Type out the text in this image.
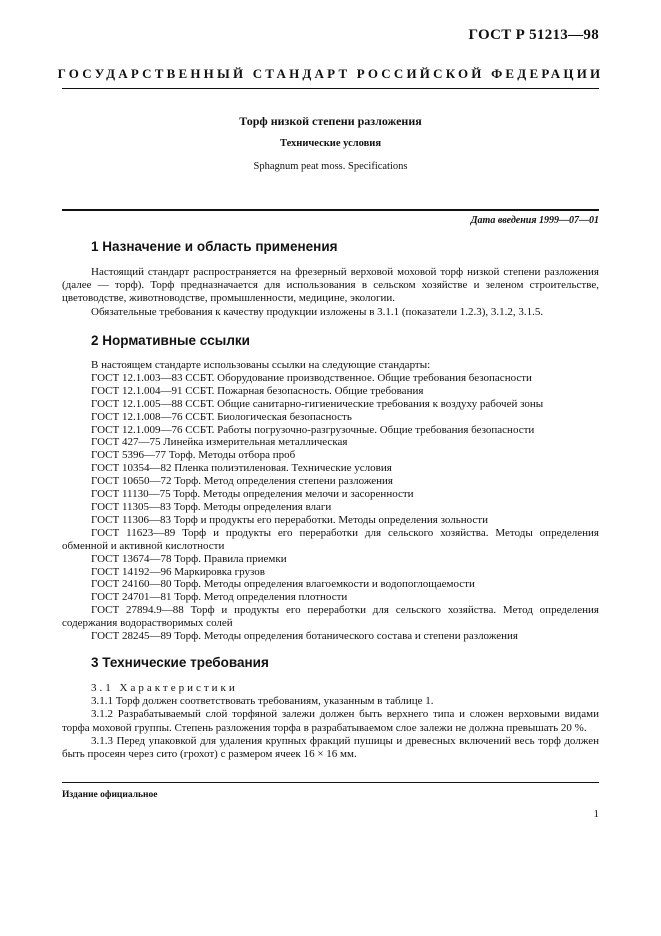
ГОСТ Р 51213—98
ГОСУДАРСТВЕННЫЙ СТАНДАРТ РОССИЙСКОЙ ФЕДЕРАЦИИ
Торф низкой степени разложения
Технические условия
Sphagnum peat moss. Specifications
Дата введения 1999—07—01
1 Назначение и область применения

Настоящий стандарт распространяется на фрезерный верховой моховой торф низкой степени разложения (далее — торф). Торф предназначается для использования в сельском хозяйстве и зеленом строительстве, цветоводстве, животноводстве, промышленности, медицине, экологии.

Обязательные требования к качеству продукции изложены в 3.1.1 (показатели 1.2.3), 3.1.2, 3.1.5.

2 Нормативные ссылки
В настоящем стандарте использованы ссылки на следующие стандарты:
ГОСТ 12.1.003—83 ССБТ. Оборудование производственное. Общие требования безопасности
ГОСТ 12.1.004—91 ССБТ. Пожарная безопасность. Общие требования
ГОСТ 12.1.005—88 ССБТ. Общие санитарно-гигиенические требования к воздуху рабочей зоны
ГОСТ 12.1.008—76 ССБТ. Биологическая безопасность
ГОСТ 12.1.009—76 ССБТ. Работы погрузочно-разгрузочные. Общие требования безопасности
ГОСТ 427—75 Линейка измерительная металлическая
ГОСТ 5396—77 Торф. Методы отбора проб
ГОСТ 10354—82 Пленка полиэтиленовая. Технические условия
ГОСТ 10650—72 Торф. Метод определения степени разложения
ГОСТ 11130—75 Торф. Методы определения мелочи и засоренности
ГОСТ 11305—83 Торф. Методы определения влаги
ГОСТ 11306—83 Торф и продукты его переработки. Методы определения зольности
ГОСТ 11623—89 Торф и продукты его переработки для сельского хозяйства. Методы определения обменной и активной кислотности
ГОСТ 13674—78 Торф. Правила приемки
ГОСТ 14192—96 Маркировка грузов
ГОСТ 24160—80 Торф. Методы определения влагоемкости и водопоглощаемости
ГОСТ 24701—81 Торф. Метод определения плотности
ГОСТ 27894.9—88 Торф и продукты его переработки для сельского хозяйства. Метод определения содержания водорастворимых солей
ГОСТ 28245—89 Торф. Методы определения ботанического состава и степени разложения
3 Технические требования

3.1 Характеристики

3.1.1 Торф должен соответствовать требованиям, указанным в таблице 1.

3.1.2 Разрабатываемый слой торфяной залежи должен быть верхнего типа и сложен верховыми видами торфа моховой группы. Степень разложения торфа в разрабатываемом слое залежи не должна превышать 20 %.

3.1.3 Перед упаковкой для удаления крупных фракций пушицы и древесных включений весь торф должен быть просеян через сито (грохот) с размером ячеек 16 × 16 мм.

Издание официальное
1
